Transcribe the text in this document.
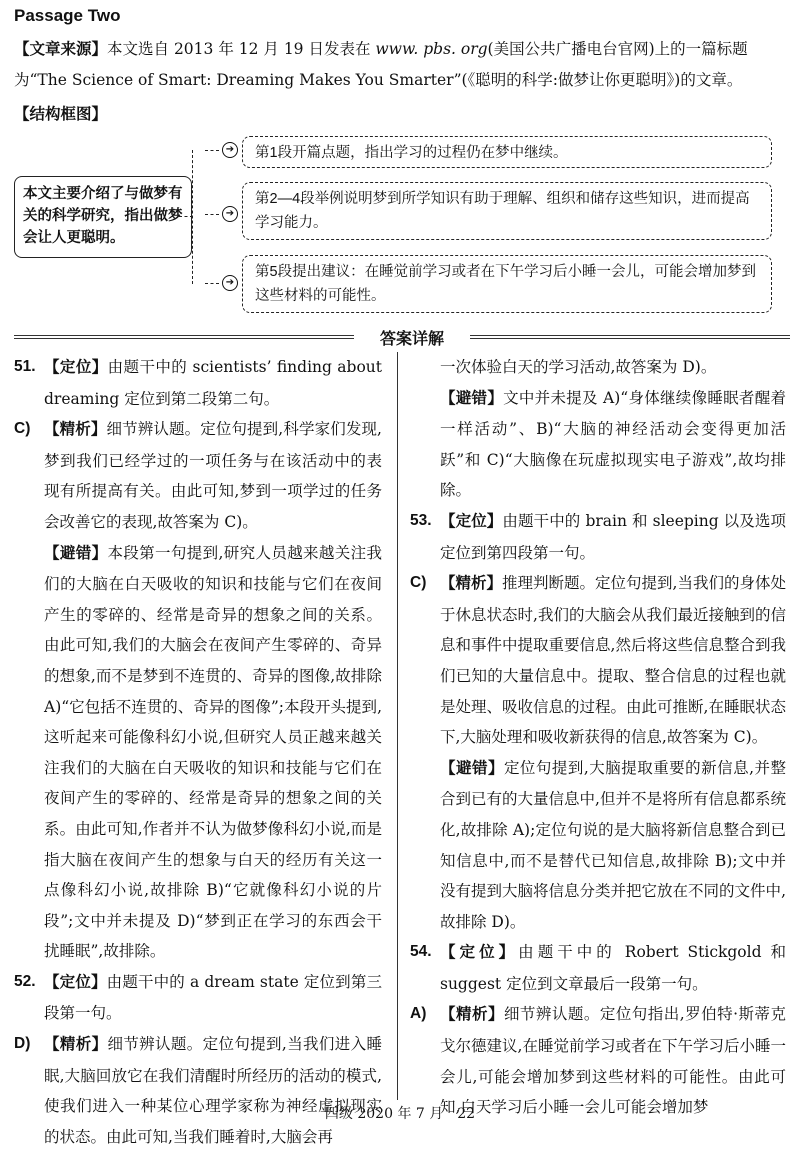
Passage Two
【文章来源】本文选自 2013 年 12 月 19 日发表在 www. pbs. org(美国公共广播电台官网)上的一篇标题为“The Science of Smart: Dreaming Makes You Smarter”(《聪明的科学:做梦让你更聪明》)的文章。
【结构框图】
本文主要介绍了与做梦有关的科学研究，指出做梦会让人更聪明。
➔
➔
➔
第1段开篇点题，指出学习的过程仍在梦中继续。
第2—4段举例说明梦到所学知识有助于理解、组织和储存这些知识，进而提高学习能力。
第5段提出建议：在睡觉前学习或者在下午学习后小睡一会儿，可能会增加梦到这些材料的可能性。
答案详解
51. 【定位】由题干中的 scientists’ finding about dreaming 定位到第二段第二句。
C) 【精析】细节辨认题。定位句提到,科学家们发现,梦到我们已经学过的一项任务与在该活动中的表现有所提高有关。由此可知,梦到一项学过的任务会改善它的表现,故答案为 C)。
【避错】本段第一句提到,研究人员越来越关注我们的大脑在白天吸收的知识和技能与它们在夜间产生的零碎的、经常是奇异的想象之间的关系。由此可知,我们的大脑会在夜间产生零碎的、奇异的想象,而不是梦到不连贯的、奇异的图像,故排除 A)“它包括不连贯的、奇异的图像”;本段开头提到,这听起来可能像科幻小说,但研究人员正越来越关注我们的大脑在白天吸收的知识和技能与它们在夜间产生的零碎的、经常是奇异的想象之间的关系。由此可知,作者并不认为做梦像科幻小说,而是指大脑在夜间产生的想象与白天的经历有关这一点像科幻小说,故排除 B)“它就像科幻小说的片段”;文中并未提及 D)“梦到正在学习的东西会干扰睡眠”,故排除。
52. 【定位】由题干中的 a dream state 定位到第三段第一句。
D) 【精析】细节辨认题。定位句提到,当我们进入睡眠,大脑回放它在我们清醒时所经历的活动的模式,使我们进入一种某位心理学家称为神经虚拟现实的状态。由此可知,当我们睡着时,大脑会再
一次体验白天的学习活动,故答案为 D)。
【避错】文中并未提及 A)“身体继续像睡眠者醒着一样活动”、B)“大脑的神经活动会变得更加活跃”和 C)“大脑像在玩虚拟现实电子游戏”,故均排除。
53. 【定位】由题干中的 brain 和 sleeping 以及选项定位到第四段第一句。
C) 【精析】推理判断题。定位句提到,当我们的身体处于休息状态时,我们的大脑会从我们最近接触到的信息和事件中提取重要信息,然后将这些信息整合到我们已知的大量信息中。提取、整合信息的过程也就是处理、吸收信息的过程。由此可推断,在睡眠状态下,大脑处理和吸收新获得的信息,故答案为 C)。
【避错】定位句提到,大脑提取重要的新信息,并整合到已有的大量信息中,但并不是将所有信息都系统化,故排除 A);定位句说的是大脑将新信息整合到已知信息中,而不是替代已知信息,故排除 B);文中并没有提到大脑将信息分类并把它放在不同的文件中,故排除 D)。
54. 【定位】由题干中的 Robert Stickgold 和 suggest 定位到文章最后一段第一句。
A) 【精析】细节辨认题。定位句指出,罗伯特·斯蒂克戈尔德建议,在睡觉前学习或者在下午学习后小睡一会儿,可能会增加梦到这些材料的可能性。由此可知,白天学习后小睡一会儿可能会增加梦
四级 2020 年 7 月　22
